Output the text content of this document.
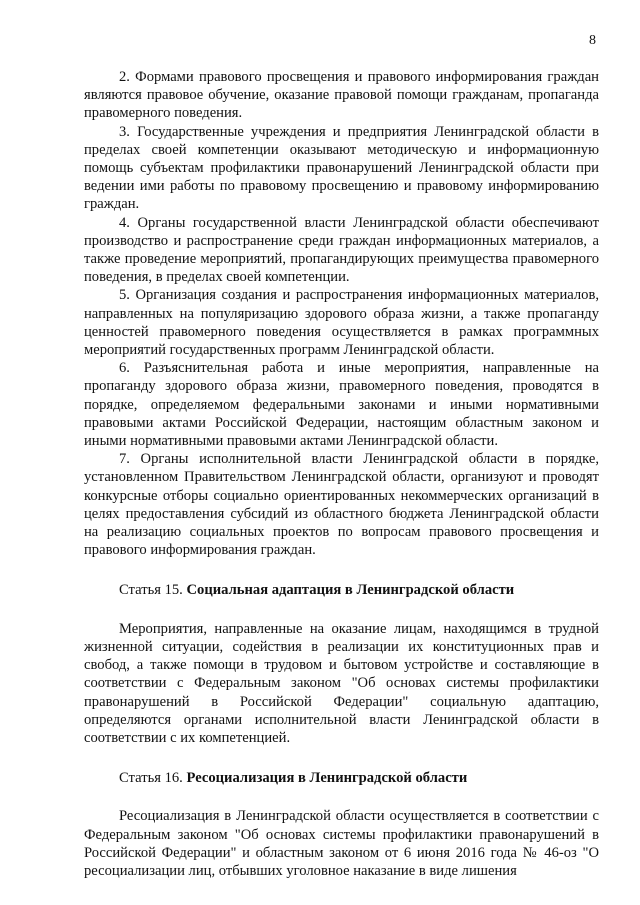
8

2. Формами правового просвещения и правового информирования граждан являются правовое обучение, оказание правовой помощи гражданам, пропаганда правомерного поведения.

3. Государственные учреждения и предприятия Ленинградской области в пределах своей компетенции оказывают методическую и информационную помощь субъектам профилактики правонарушений Ленинградской области при ведении ими работы по правовому просвещению и правовому информированию граждан.

4. Органы государственной власти Ленинградской области обеспечивают производство и распространение среди граждан информационных материалов, а также проведение мероприятий, пропагандирующих преимущества правомерного поведения, в пределах своей компетенции.

5. Организация создания и распространения информационных материалов, направленных на популяризацию здорового образа жизни, а также пропаганду ценностей правомерного поведения осуществляется в рамках программных мероприятий государственных программ Ленинградской области.

6. Разъяснительная работа и иные мероприятия, направленные на пропаганду здорового образа жизни, правомерного поведения, проводятся в порядке, определяемом федеральными законами и иными нормативными правовыми актами Российской Федерации, настоящим областным законом и иными нормативными правовыми актами Ленинградской области.

7. Органы исполнительной власти Ленинградской области в порядке, установленном Правительством Ленинградской области, организуют и проводят конкурсные отборы социально ориентированных некоммерческих организаций в целях предоставления субсидий из областного бюджета Ленинградской области на реализацию социальных проектов по вопросам правового просвещения и правового информирования граждан.

Статья 15. Социальная адаптация в Ленинградской области

Мероприятия, направленные на оказание лицам, находящимся в трудной жизненной ситуации, содействия в реализации их конституционных прав и свобод, а также помощи в трудовом и бытовом устройстве и составляющие в соответствии с Федеральным законом "Об основах системы профилактики правонарушений в Российской Федерации" социальную адаптацию, определяются органами исполнительной власти Ленинградской области в соответствии с их компетенцией.

Статья 16. Ресоциализация в Ленинградской области

Ресоциализация в Ленинградской области осуществляется в соответствии с Федеральным законом "Об основах системы профилактики правонарушений в Российской Федерации" и областным законом от 6 июня 2016 года № 46-оз "О ресоциализации лиц, отбывших уголовное наказание в виде лишения
